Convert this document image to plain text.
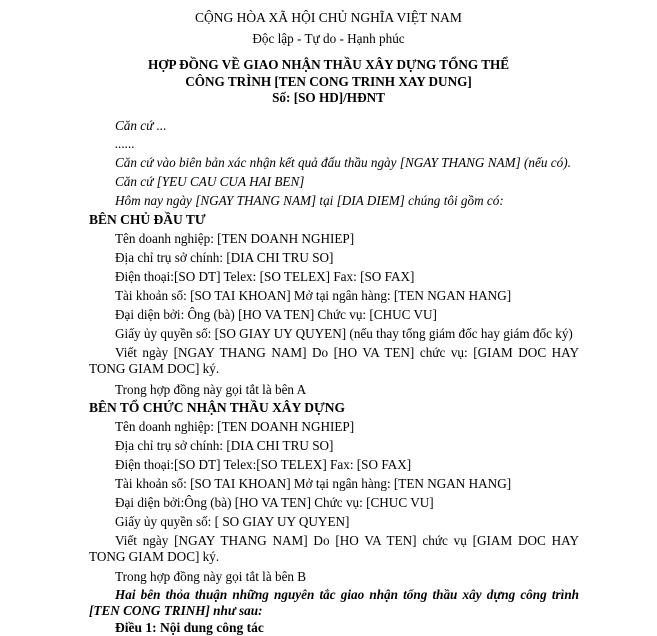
CỘNG HÒA XÃ HỘI CHỦ NGHĨA VIỆT NAM
Độc lập - Tự do - Hạnh phúc
HỢP ĐỒNG VỀ GIAO NHẬN THẦU XÂY DỰNG TỔNG THỂ
CÔNG TRÌNH [TEN CONG TRINH XAY DUNG]
Số: [SO HD]/HĐNT
Căn cứ ...
......
Căn cứ vào biên bản xác nhận kết quả đấu thầu ngày [NGAY THANG NAM] (nếu có).
Căn cứ [YEU CAU CUA HAI BEN]
Hôm nay ngày [NGAY THANG NAM] tại [DIA DIEM] chúng tôi gồm có:
BÊN CHỦ ĐẦU TƯ
Tên doanh nghiệp: [TEN DOANH NGHIEP]
Địa chỉ trụ sở chính: [DIA CHI TRU SO]
Điện thoại:[SO DT] Telex: [SO TELEX] Fax: [SO FAX]
Tài khoản số: [SO TAI KHOAN] Mở tại ngân hàng: [TEN NGAN HANG]
Đại diện bởi: Ông (bà) [HO VA TEN] Chức vụ: [CHUC VU]
Giấy ủy quyền số: [SO GIAY UY QUYEN] (nếu thay tổng giám đốc hay giám đốc ký)
Viết ngày [NGAY THANG NAM] Do [HO VA TEN] chức vụ: [GIAM DOC HAY TONG GIAM DOC] ký.
Trong hợp đồng này gọi tắt là bên A
BÊN TỔ CHỨC NHẬN THẦU XÂY DỰNG
Tên doanh nghiệp: [TEN DOANH NGHIEP]
Địa chỉ trụ sở chính: [DIA CHI TRU SO]
Điện thoại:[SO DT] Telex:[SO TELEX] Fax: [SO FAX]
Tài khoản số: [SO TAI KHOAN] Mở tại ngân hàng: [TEN NGAN HANG]
Đại diện bởi:Ông (bà) [HO VA TEN] Chức vụ: [CHUC VU]
Giấy ủy quyền số: [ SO GIAY UY QUYEN]
Viết ngày [NGAY THANG NAM] Do [HO VA TEN] chức vụ [GIAM DOC HAY TONG GIAM DOC] ký.
Trong hợp đồng này gọi tắt là bên B
Hai bên thỏa thuận những nguyên tắc giao nhận tổng thầu xây dựng công trình [TEN CONG TRINH] như sau:
Điều 1: Nội dung công tác
